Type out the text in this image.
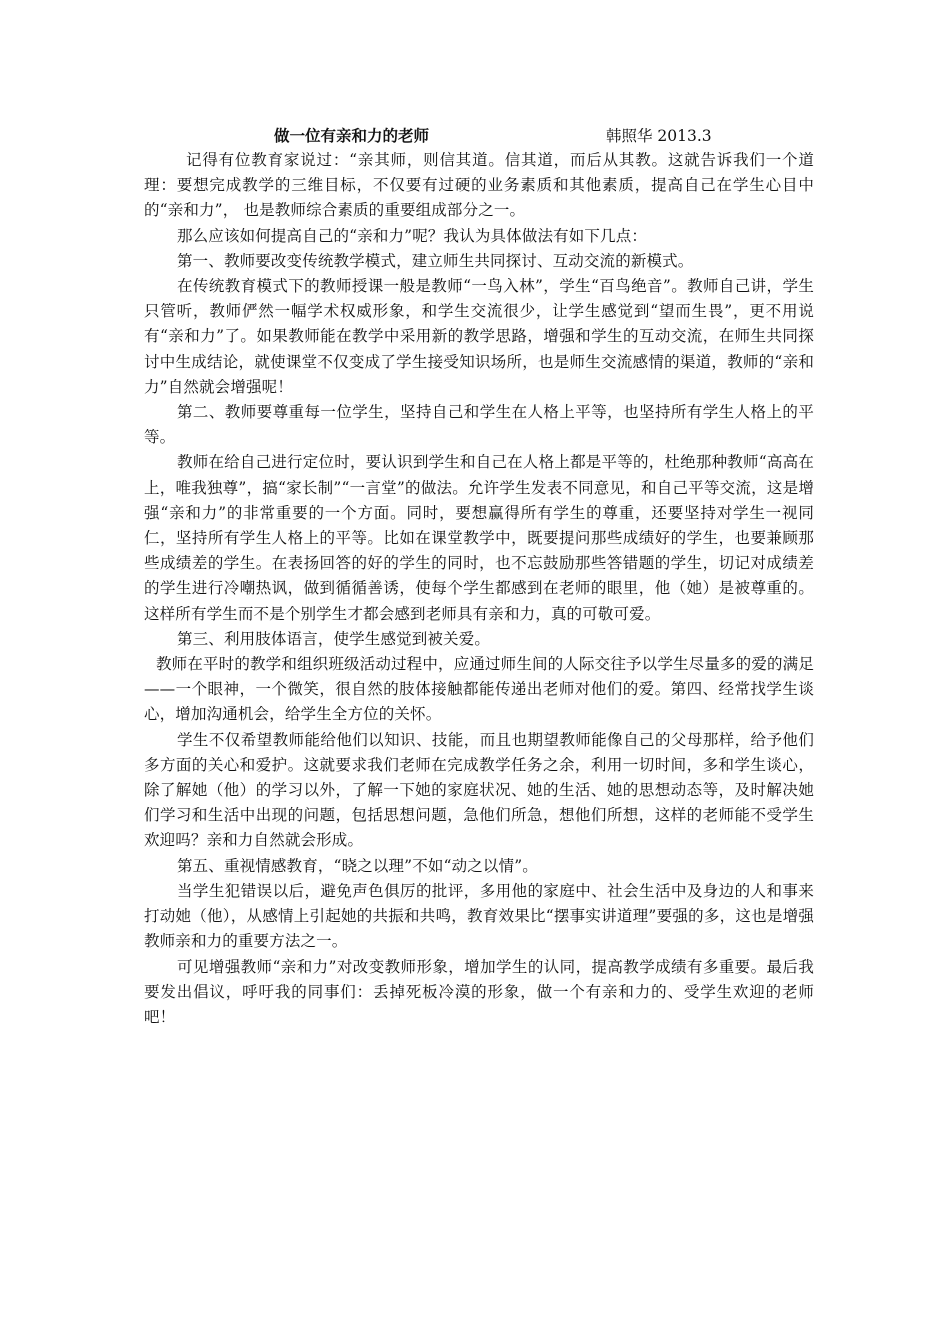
做一位有亲和力的老师	韩照华 2013.3

记得有位教育家说过：“亲其师，则信其道。信其道，而后从其教。这就告诉我们一个道理：要想完成教学的三维目标，不仅要有过硬的业务素质和其他素质，提高自己在学生心目中的“亲和力”， 也是教师综合素质的重要组成部分之一。

那么应该如何提高自己的“亲和力”呢？我认为具体做法有如下几点：

第一、教师要改变传统教学模式，建立师生共同探讨、互动交流的新模式。

在传统教育模式下的教师授课一般是教师“一鸟入林”，学生“百鸟绝音”。教师自己讲，学生只管听，教师俨然一幅学术权威形象，和学生交流很少，让学生感觉到“望而生畏”，更不用说有“亲和力”了。如果教师能在教学中采用新的教学思路，增强和学生的互动交流，在师生共同探讨中生成结论，就使课堂不仅变成了学生接受知识场所，也是师生交流感情的渠道，教师的“亲和力”自然就会增强呢！

第二、教师要尊重每一位学生，坚持自己和学生在人格上平等，也坚持所有学生人格上的平等。

教师在给自己进行定位时，要认识到学生和自己在人格上都是平等的，杜绝那种教师“高高在上，唯我独尊”，搞“家长制”“一言堂”的做法。允许学生发表不同意见，和自己平等交流，这是增强“亲和力”的非常重要的一个方面。同时，要想赢得所有学生的尊重，还要坚持对学生一视同仁，坚持所有学生人格上的平等。比如在课堂教学中，既要提问那些成绩好的学生，也要兼顾那些成绩差的学生。在表扬回答的好的学生的同时，也不忘鼓励那些答错题的学生，切记对成绩差的学生进行冷嘲热讽，做到循循善诱，使每个学生都感到在老师的眼里，他（她）是被尊重的。这样所有学生而不是个别学生才都会感到老师具有亲和力，真的可敬可爱。

第三、利用肢体语言，使学生感觉到被关爱。

教师在平时的教学和组织班级活动过程中，应通过师生间的人际交往予以学生尽量多的爱的满足——一个眼神，一个微笑，很自然的肢体接触都能传递出老师对他们的爱。第四、经常找学生谈心，增加沟通机会，给学生全方位的关怀。

学生不仅希望教师能给他们以知识、技能，而且也期望教师能像自己的父母那样，给予他们多方面的关心和爱护。这就要求我们老师在完成教学任务之余，利用一切时间，多和学生谈心，除了解她（他）的学习以外，了解一下她的家庭状况、她的生活、她的思想动态等，及时解决她们学习和生活中出现的问题，包括思想问题，急他们所急，想他们所想，这样的老师能不受学生欢迎吗？亲和力自然就会形成。

第五、重视情感教育，“晓之以理”不如“动之以情”。

当学生犯错误以后，避免声色俱厉的批评，多用他的家庭中、社会生活中及身边的人和事来打动她（他），从感情上引起她的共振和共鸣，教育效果比“摆事实讲道理”要强的多，这也是增强教师亲和力的重要方法之一。

可见增强教师“亲和力”对改变教师形象，增加学生的认同，提高教学成绩有多重要。最后我要发出倡议，呼吁我的同事们：丢掉死板冷漠的形象，做一个有亲和力的、受学生欢迎的老师吧！
